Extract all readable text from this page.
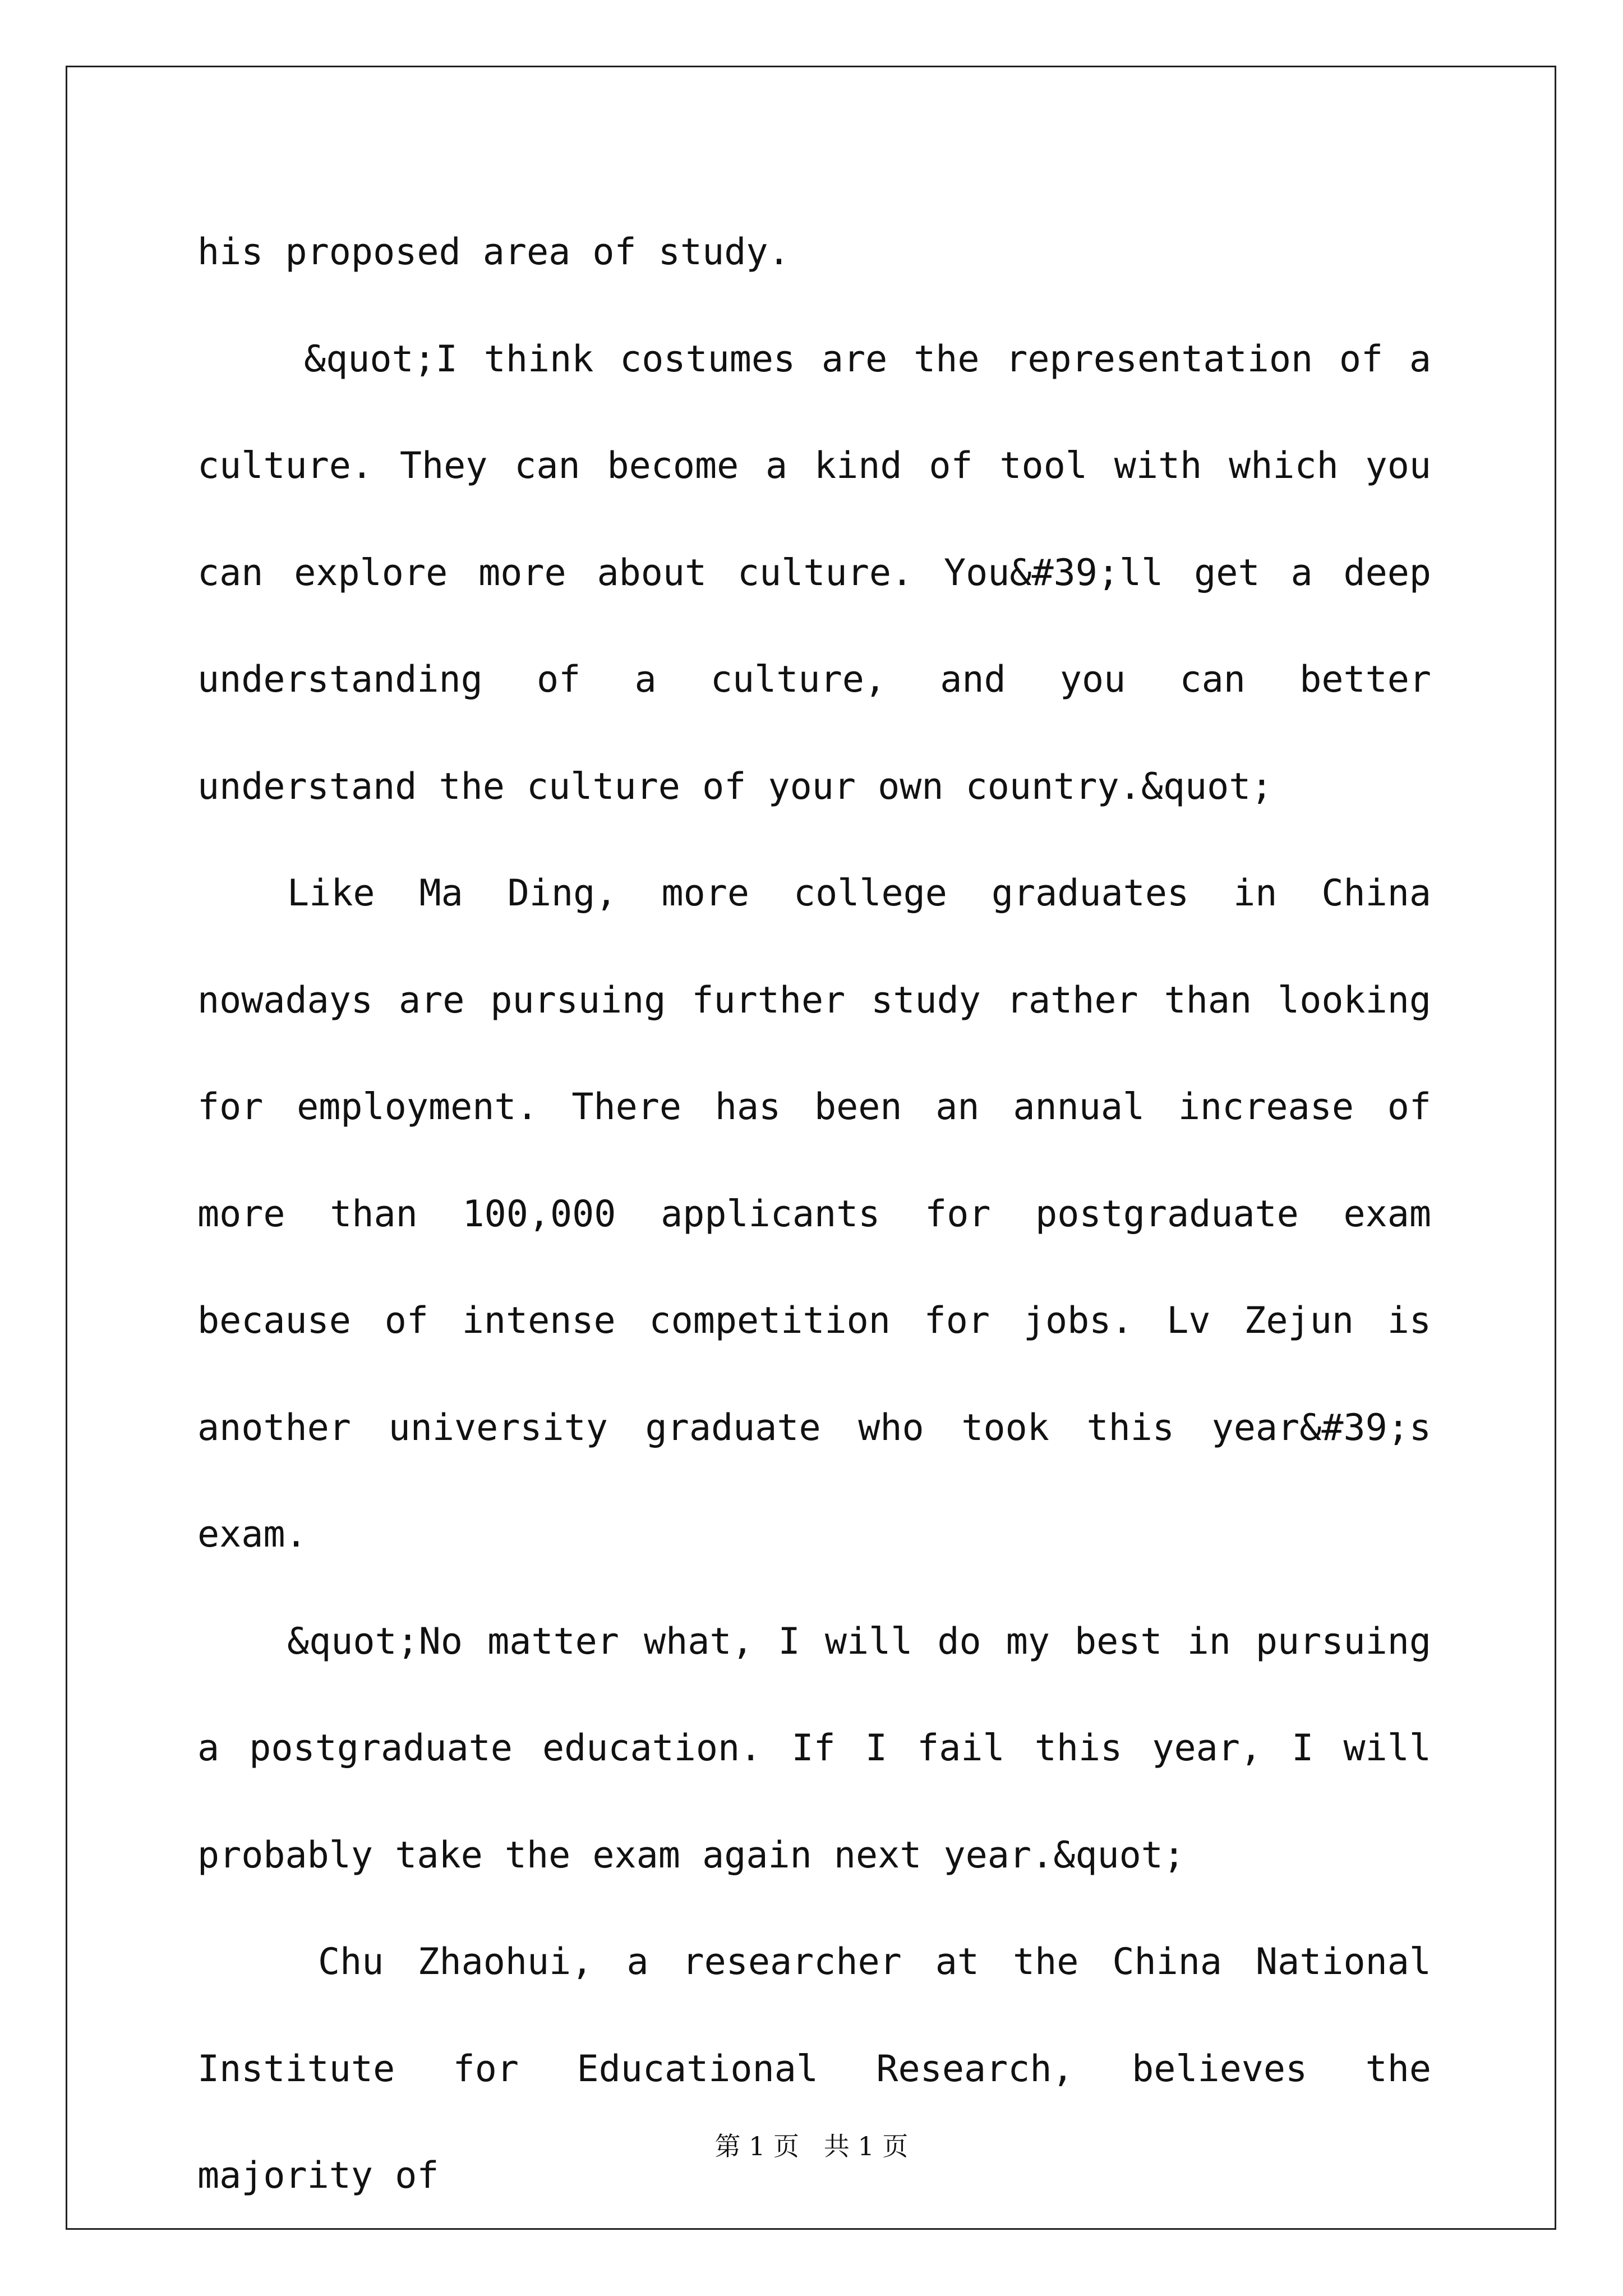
his proposed area of study.

&quot;I think costumes are the representation of a culture. They can become a kind of tool with which you can explore more about culture. You&#39;ll get a deep understanding of a culture, and you can better understand the culture of your own country.&quot;

Like Ma Ding, more college graduates in China nowadays are pursuing further study rather than looking for employment. There has been an annual increase of more than 100,000 applicants for postgraduate exam because of intense competition for jobs. Lv Zejun is another university graduate who took this year&#39;s exam.

&quot;No matter what, I will do my best in pursuing a postgraduate education. If I fail this year, I will probably take the exam again next year.&quot;

Chu Zhaohui, a researcher at the China National Institute for Educational Research, believes the majority of

第 1 页   共 1 页
